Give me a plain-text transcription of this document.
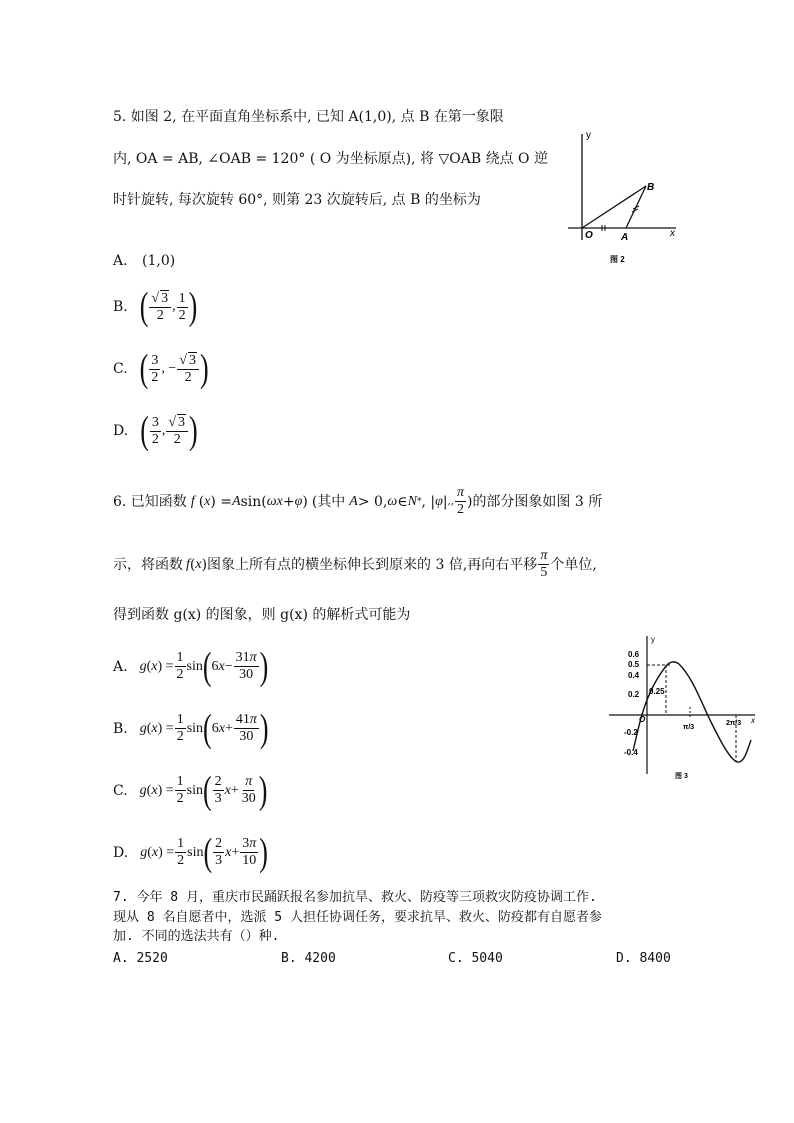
5. 如图 2, 在平面直角坐标系中, 已知 A(1,0), 点 B 在第一象限
内, OA = AB, ∠OAB = 120° ( O 为坐标原点), 将 ▽OAB 绕点 O 逆
时针旋转, 每次旋转 60°, 则第 23 次旋转后, 点 B 的坐标为
y
x
O	A
B
图 2
A. (1,0)
B. ( $\frac{√ 3}{2}$ , $\frac{1}{2}$ )
C. ( $\frac{3}{2}$ , − $\frac{√ 3}{2}$ )
D. ( $\frac{3}{2}$ , $\frac{√ 3}{2}$ )
6. 已知函数 f ( x ) = A sin( ωx + φ ) (其中 A > 0, ω ∈ N * , | φ | ,, $\frac{\pi}{2}$ ) 的部分图象如图 3 所
示，将函数 f ( x ) 图象上所有点的横坐标伸长到原来的 3 倍,再向右平移 $\frac{\pi}{5}$ 个单位,
得到函数 g(x) 的图象，则 g(x) 的解析式可能为
A. g ( x ) = $\frac{1}{2}$ sin ( 6 $x - \frac{31\pi}{30}$ )
B. g ( x ) = $\frac{1}{2}$ sin ( 6 $x + \frac{41\pi}{30}$ )
C. g ( x ) = $\frac{1}{2}$ sin ( $\frac{2}{3}$ $x + \frac{\pi}{30}$ )
D. g ( x ) = $\frac{1}{2}$ sin ( $\frac{2}{3}$ $x + \frac{3\pi}{10}$ )
y
x
0.6
0.5
0.4
0.2 0.25
O
π/3
2π/3
-0.2
-0.4
图 3
7. 今年 8 月，重庆市民踊跃报名参加抗旱、救火、防疫等三项救灾防疫协调工作.
现从 8 名自愿者中，选派 5 人担任协调任务，要求抗旱、救火、防疫都有自愿者参
加. 不同的选法共有（）种.
A. 2520	B. 4200	C. 5040	D. 8400
